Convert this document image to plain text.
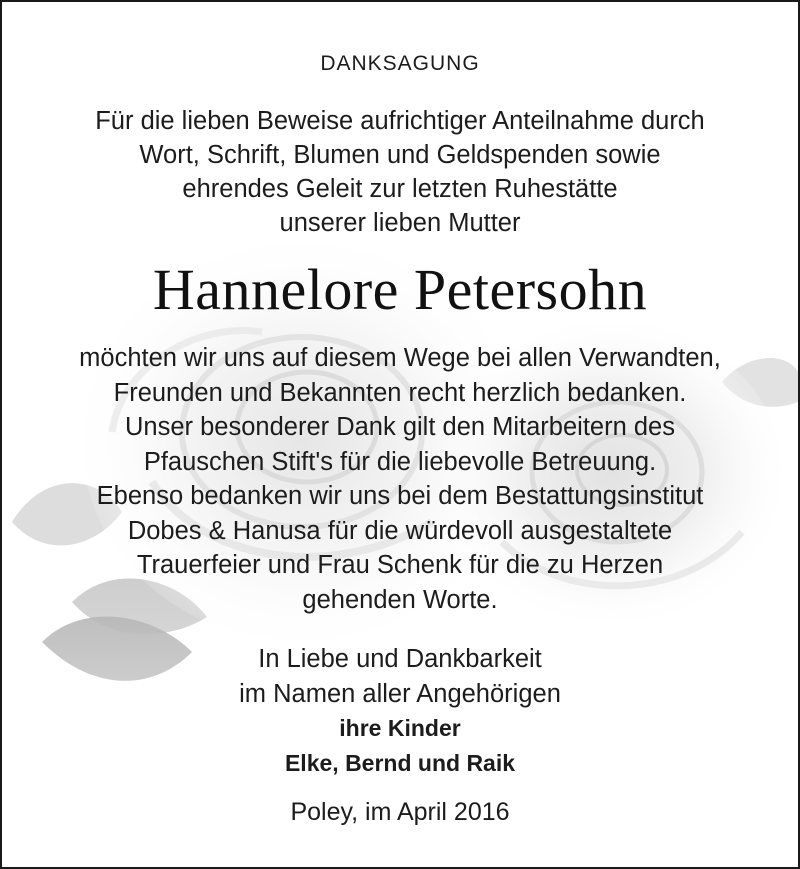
DANKSAGUNG
Für die lieben Beweise aufrichtiger Anteilnahme durch
Wort, Schrift, Blumen und Geldspenden sowie
ehrendes Geleit zur letzten Ruhestätte
unserer lieben Mutter
Hannelore Petersohn
möchten wir uns auf diesem Wege bei allen Verwandten,
Freunden und Bekannten recht herzlich bedanken.
Unser besonderer Dank gilt den Mitarbeitern des
Pfauschen Stift's für die liebevolle Betreuung.
Ebenso bedanken wir uns bei dem Bestattungsinstitut
Dobes & Hanusa für die würdevoll ausgestaltete
Trauerfeier und Frau Schenk für die zu Herzen
gehenden Worte.
In Liebe und Dankbarkeit
im Namen aller Angehörigen
ihre Kinder
Elke, Bernd und Raik
Poley, im April 2016
